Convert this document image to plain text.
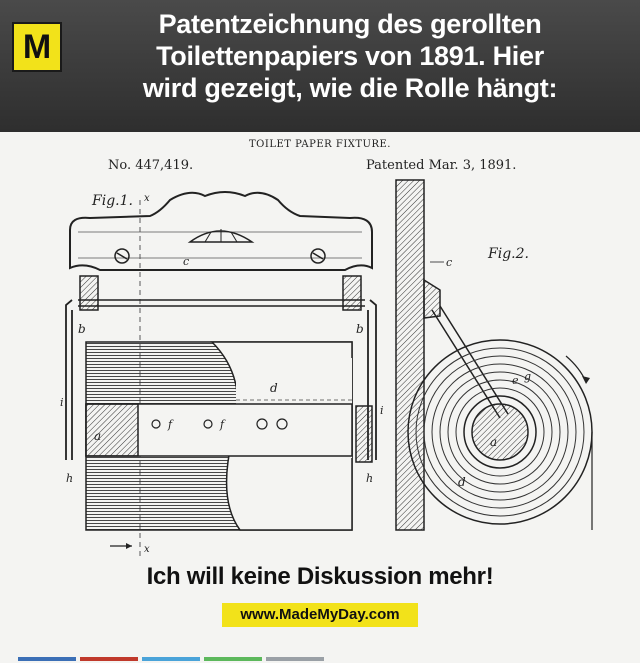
M
Patentzeichnung des gerollten
Toilettenpapiers von 1891. Hier
wird gezeigt, wie die Rolle hängt:
TOILET PAPER FIXTURE.
No. 447,419.	Patented Mar. 3, 1891.
Fig.1. x
c
b	b
d
f	f
a
i
i
h	h
x
Fig.2.
c
a
e g
d
Ich will keine Diskussion mehr!
www.MadeMyDay.com
